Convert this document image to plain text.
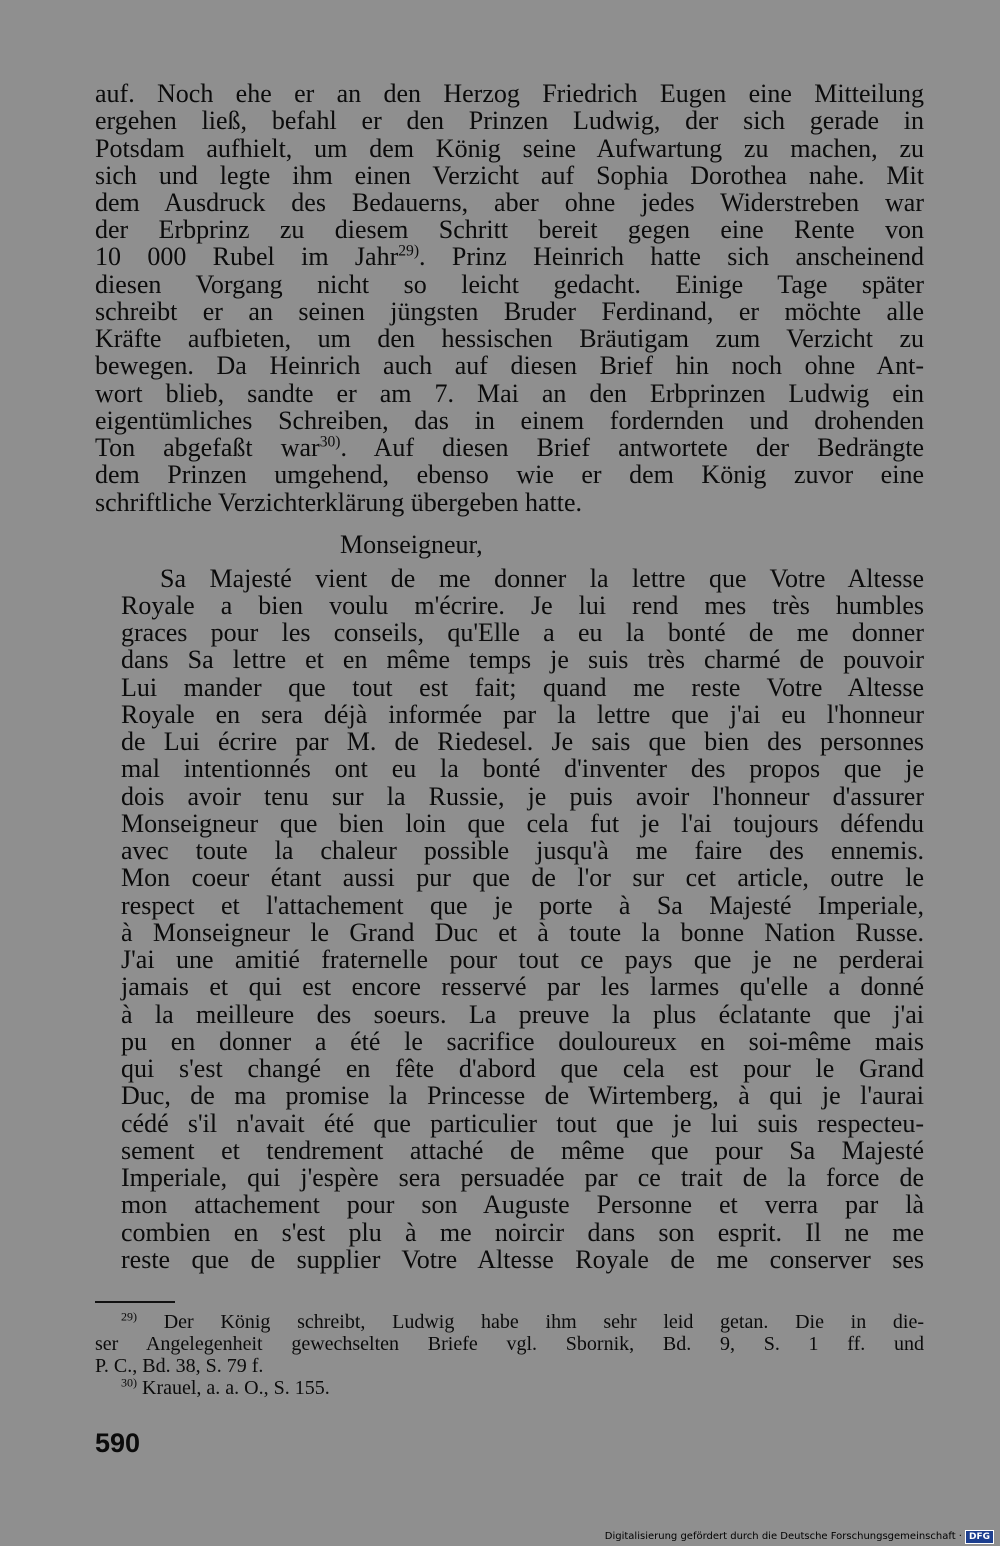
auf. Noch ehe er an den Herzog Friedrich Eugen eine Mitteilung
ergehen ließ, befahl er den Prinzen Ludwig, der sich gerade in
Potsdam aufhielt, um dem König seine Aufwartung zu machen, zu
sich und legte ihm einen Verzicht auf Sophia Dorothea nahe. Mit
dem Ausdruck des Bedauerns, aber ohne jedes Widerstreben war
der Erbprinz zu diesem Schritt bereit gegen eine Rente von
10 000 Rubel im Jahr$^{29)}$. Prinz Heinrich hatte sich anscheinend
diesen Vorgang nicht so leicht gedacht. Einige Tage später
schreibt er an seinen jüngsten Bruder Ferdinand, er möchte alle
Kräfte aufbieten, um den hessischen Bräutigam zum Verzicht zu
bewegen. Da Heinrich auch auf diesen Brief hin noch ohne Ant-
wort blieb, sandte er am 7. Mai an den Erbprinzen Ludwig ein
eigentümliches Schreiben, das in einem fordernden und drohenden
Ton abgefaßt war$^{30)}$. Auf diesen Brief antwortete der Bedrängte
dem Prinzen umgehend, ebenso wie er dem König zuvor eine
schriftliche Verzichterklärung übergeben hatte.
Monseigneur,
Sa Majesté vient de me donner la lettre que Votre Altesse
Royale a bien voulu m'écrire. Je lui rend mes très humbles
graces pour les conseils, qu'Elle a eu la bonté de me donner
dans Sa lettre et en même temps je suis très charmé de pouvoir
Lui mander que tout est fait; quand me reste Votre Altesse
Royale en sera déjà informée par la lettre que j'ai eu l'honneur
de Lui écrire par M. de Riedesel. Je sais que bien des personnes
mal intentionnés ont eu la bonté d'inventer des propos que je
dois avoir tenu sur la Russie, je puis avoir l'honneur d'assurer
Monseigneur que bien loin que cela fut je l'ai toujours défendu
avec toute la chaleur possible jusqu'à me faire des ennemis.
Mon coeur étant aussi pur que de l'or sur cet article, outre le
respect et l'attachement que je porte à Sa Majesté Imperiale,
à Monseigneur le Grand Duc et à toute la bonne Nation Russe.
J'ai une amitié fraternelle pour tout ce pays que je ne perderai
jamais et qui est encore resservé par les larmes qu'elle a donné
à la meilleure des soeurs. La preuve la plus éclatante que j'ai
pu en donner a été le sacrifice douloureux en soi-même mais
qui s'est changé en fête d'abord que cela est pour le Grand
Duc, de ma promise la Princesse de Wirtemberg, à qui je l'aurai
cédé s'il n'avait été que particulier tout que je lui suis respecteu-
sement et tendrement attaché de même que pour Sa Majesté
Imperiale, qui j'espère sera persuadée par ce trait de la force de
mon attachement pour son Auguste Personne et verra par là
combien en s'est plu à me noircir dans son esprit. Il ne me
reste que de supplier Votre Altesse Royale de me conserver ses
$^{29)}$ Der König schreibt, Ludwig habe ihm sehr leid getan. Die in die-
ser Angelegenheit gewechselten Briefe vgl. Sbornik, Bd. 9, S. 1 ff. und
P. C., Bd. 38, S. 79 f.
$^{30)}$ Krauel, a. a. O., S. 155.
590
Digitalisierung gefördert durch die Deutsche Forschungsgemeinschaft · DFG
